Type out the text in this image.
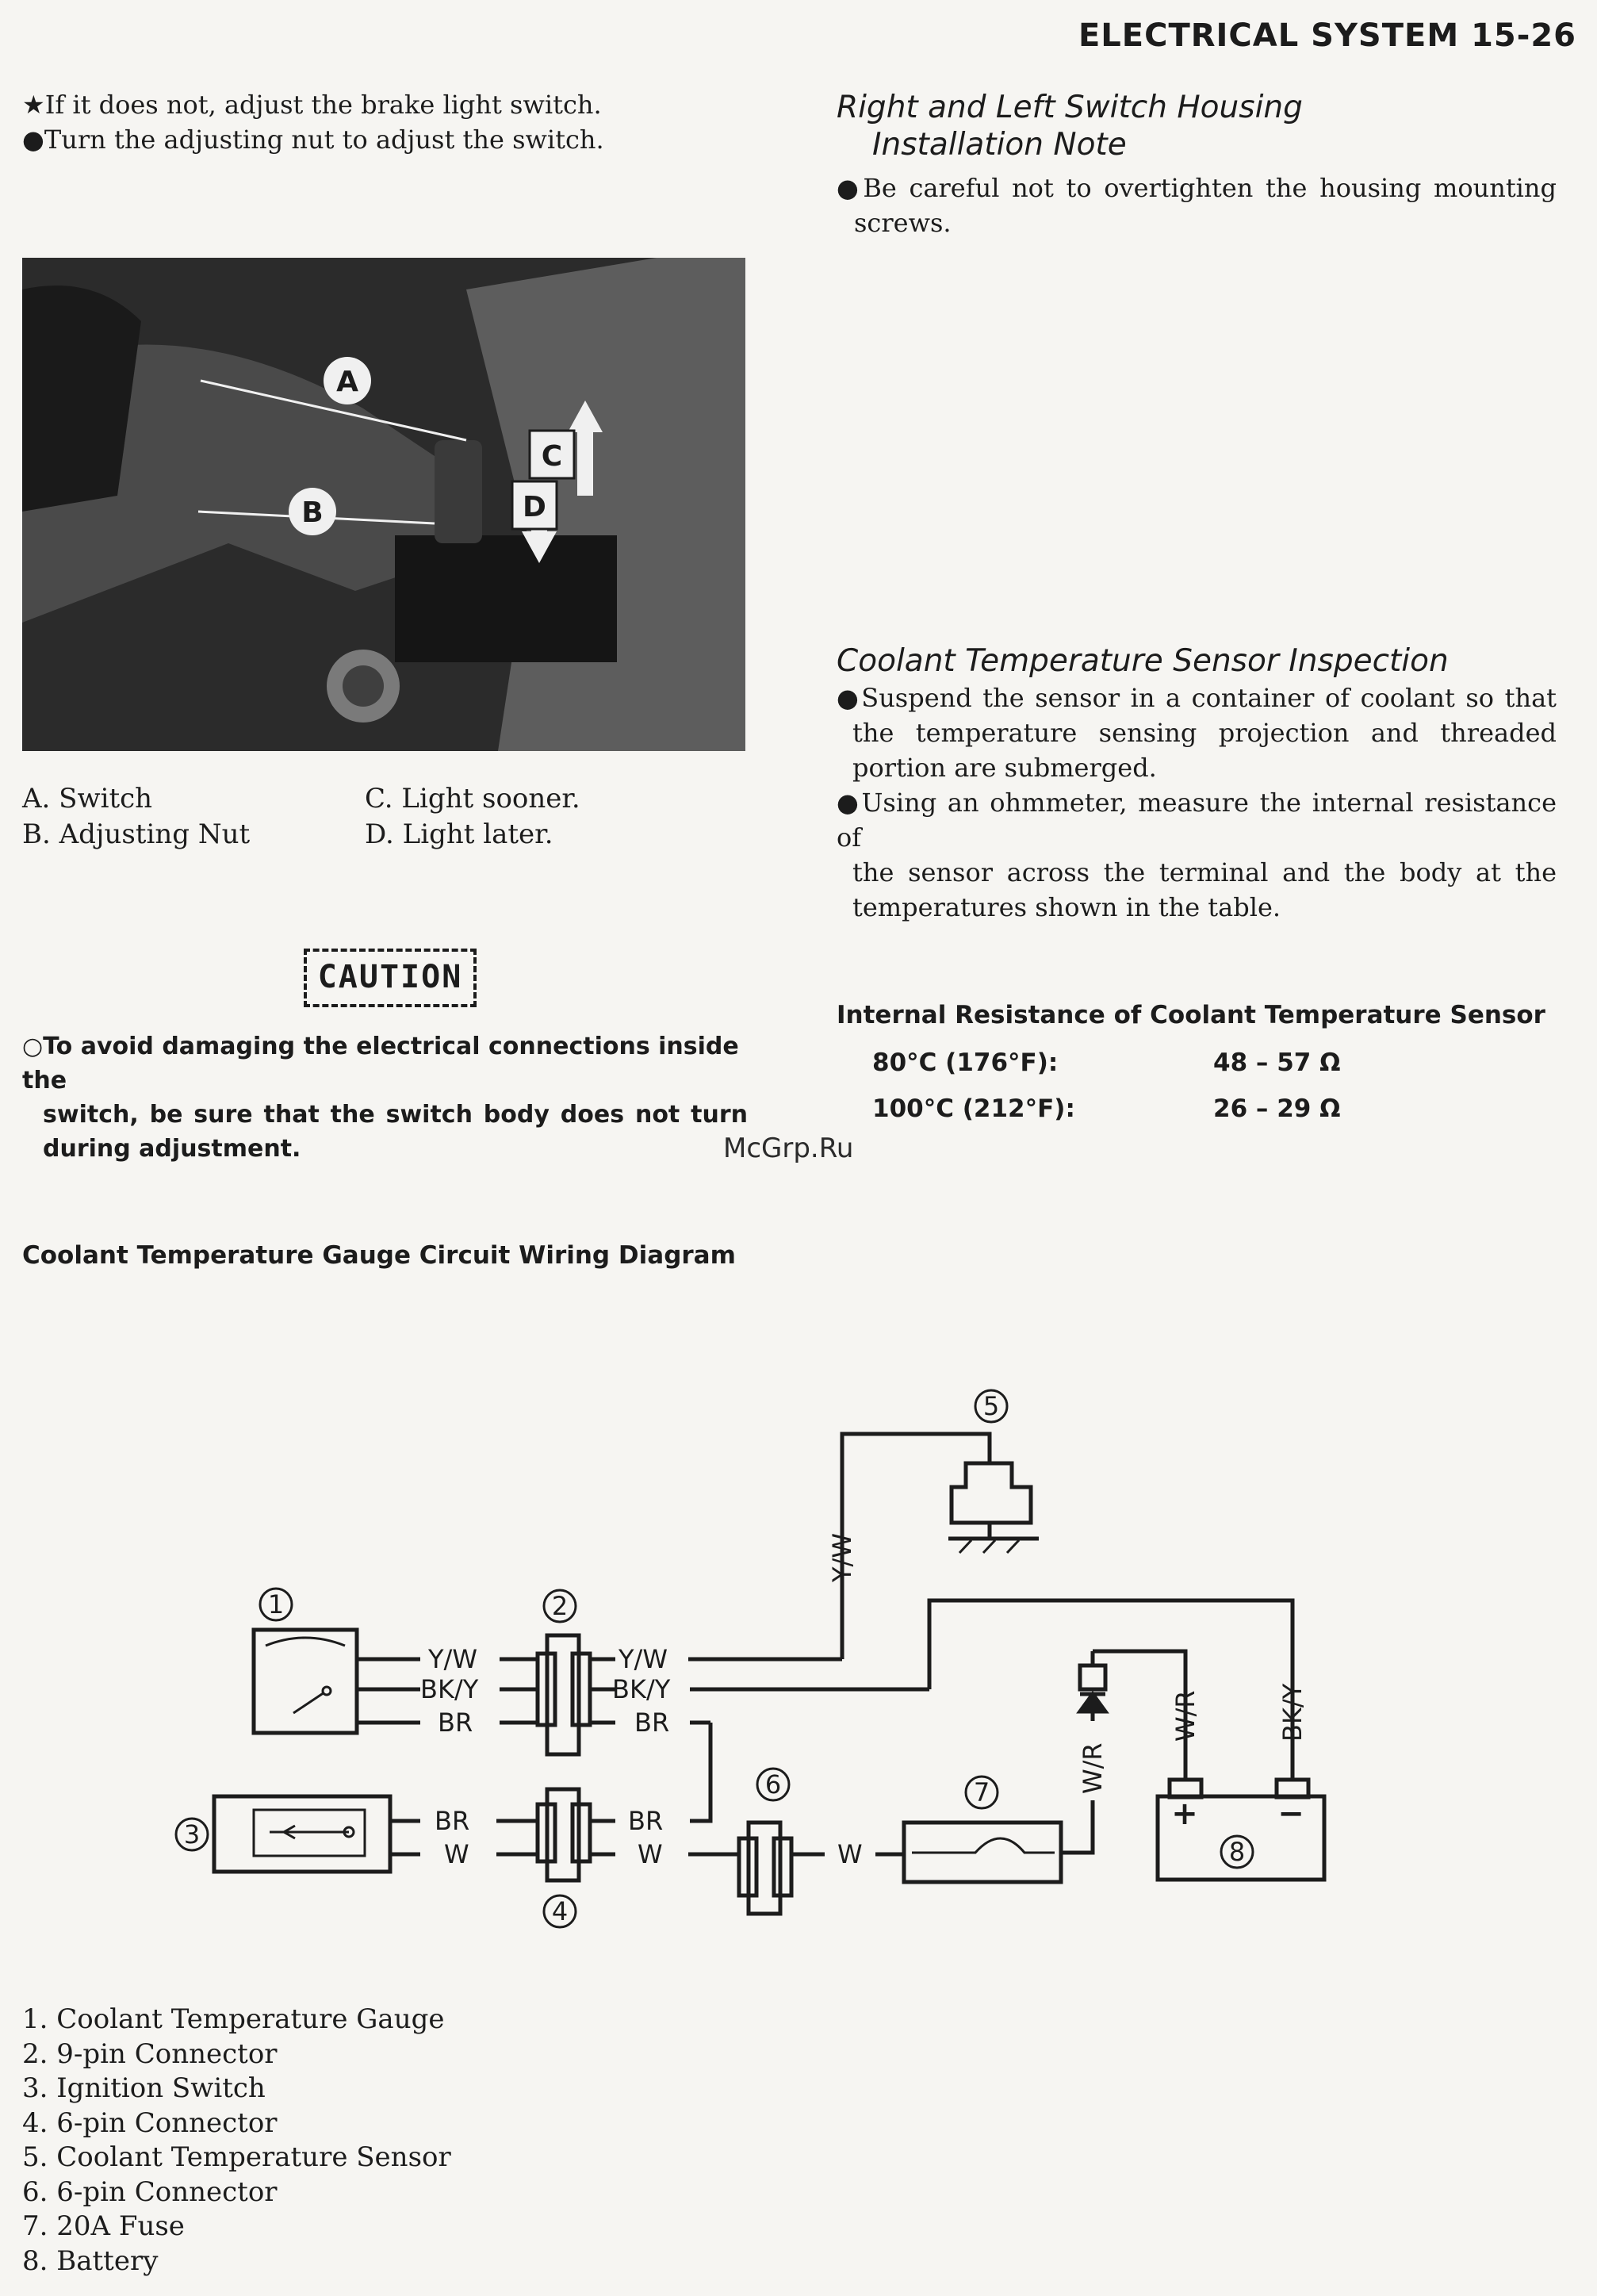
ELECTRICAL SYSTEM 15-26
★If it does not, adjust the brake light switch.
●Turn the adjusting nut to adjust the switch.
A
B
C
D
A. Switch
B. Adjusting Nut
C. Light sooner.
D. Light later.
CAUTION
○To avoid damaging the electrical connections inside the
switch, be sure that the switch body does not turn
during adjustment.
Right and Left Switch Housing
Installation Note
●Be careful not to overtighten the housing mounting
screws.
Coolant Temperature Sensor Inspection
●Suspend the sensor in a container of coolant so that
the temperature sensing projection and threaded
portion are submerged.
●Using an ohmmeter, measure the internal resistance of
the sensor across the terminal and the body at the
temperatures shown in the table.
Internal Resistance of Coolant Temperature Sensor
80°C (176°F):	48 – 57 Ω
100°C (212°F):	26 – 29 Ω
McGrp.Ru
Coolant Temperature Gauge Circuit Wiring Diagram
1	2
3
4
5
6	7
8
Y/W
BK/Y
BR
Y/W
BK/Y
BR
BR
W
BR
W	W
Y/W
W/R
W/R	BK/Y
+	−
1. Coolant Temperature Gauge
2. 9-pin Connector
3. Ignition Switch
4. 6-pin Connector
5. Coolant Temperature Sensor
6. 6-pin Connector
7. 20A Fuse
8. Battery
